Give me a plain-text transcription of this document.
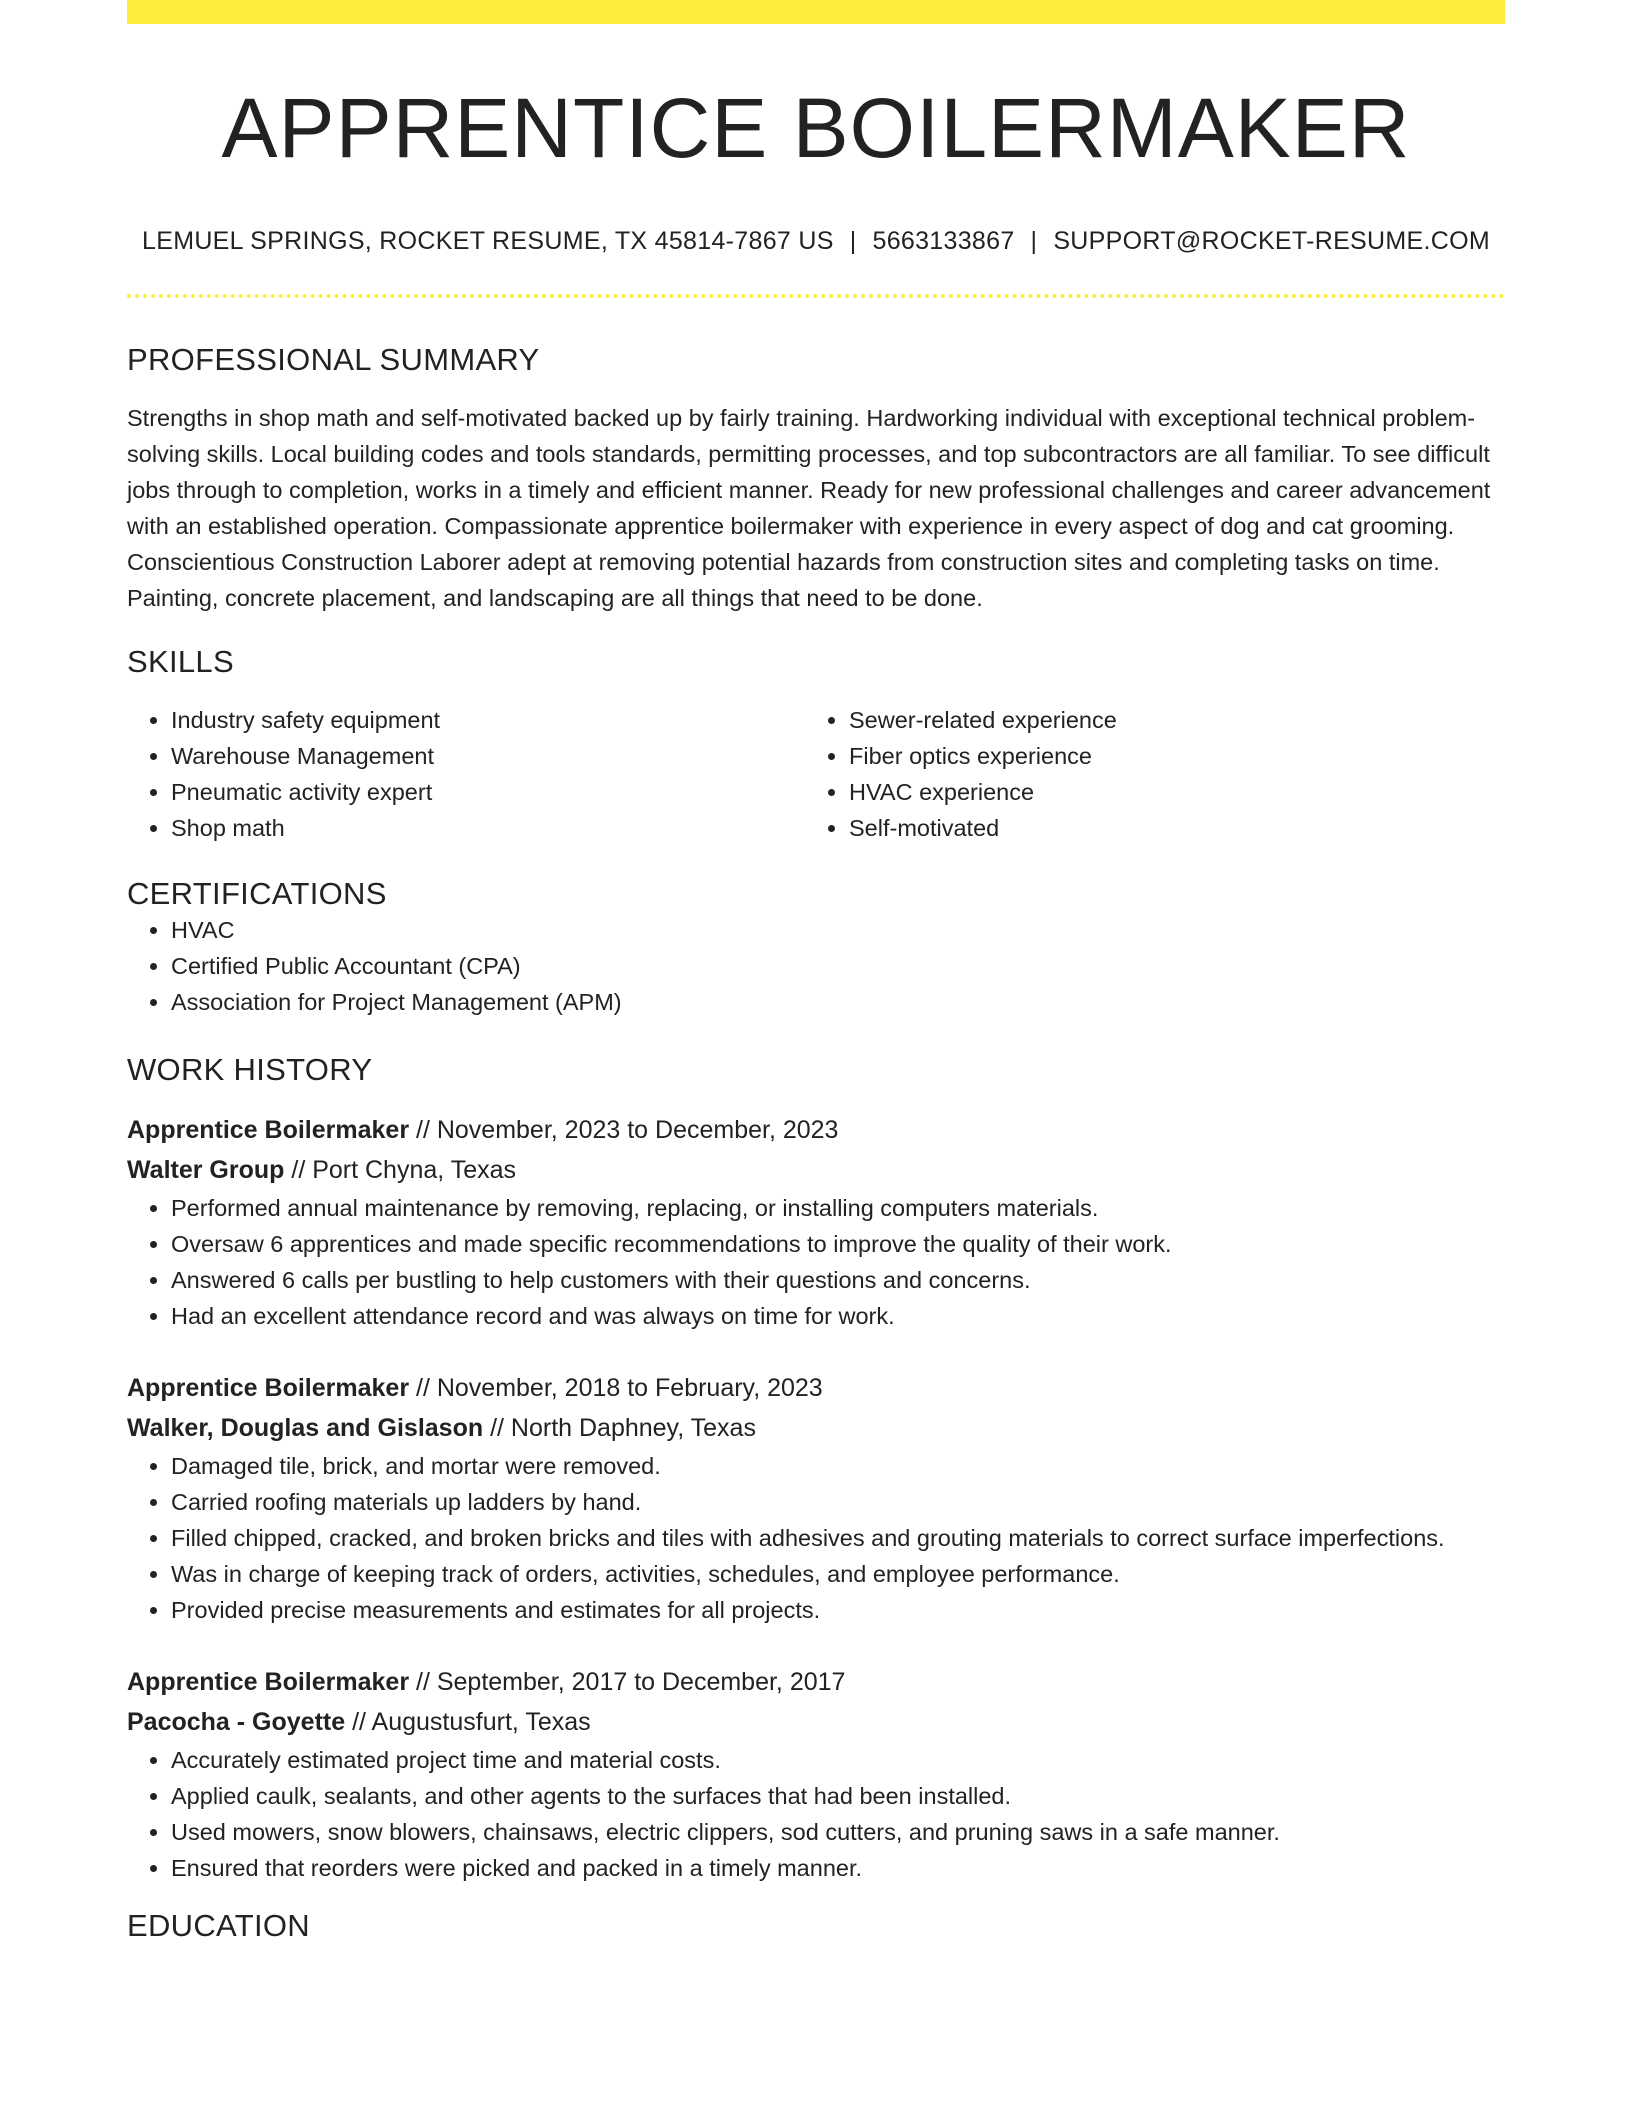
APPRENTICE BOILERMAKER
LEMUEL SPRINGS, ROCKET RESUME, TX 45814-7867 US | 5663133867 | SUPPORT@ROCKET-RESUME.COM
PROFESSIONAL SUMMARY
Strengths in shop math and self-motivated backed up by fairly training. Hardworking individual with exceptional technical problem-solving skills. Local building codes and tools standards, permitting processes, and top subcontractors are all familiar. To see difficult jobs through to completion, works in a timely and efficient manner. Ready for new professional challenges and career advancement with an established operation. Compassionate apprentice boilermaker with experience in every aspect of dog and cat grooming. Conscientious Construction Laborer adept at removing potential hazards from construction sites and completing tasks on time. Painting, concrete placement, and landscaping are all things that need to be done.
SKILLS
• Industry safety equipment
• Warehouse Management
• Pneumatic activity expert
• Shop math
• Sewer-related experience
• Fiber optics experience
• HVAC experience
• Self-motivated
CERTIFICATIONS
• HVAC
• Certified Public Accountant (CPA)
• Association for Project Management (APM)
WORK HISTORY
Apprentice Boilermaker // November, 2023 to December, 2023
Walter Group // Port Chyna, Texas
• Performed annual maintenance by removing, replacing, or installing computers materials.
• Oversaw 6 apprentices and made specific recommendations to improve the quality of their work.
• Answered 6 calls per bustling to help customers with their questions and concerns.
• Had an excellent attendance record and was always on time for work.
Apprentice Boilermaker // November, 2018 to February, 2023
Walker, Douglas and Gislason // North Daphney, Texas
• Damaged tile, brick, and mortar were removed.
• Carried roofing materials up ladders by hand.
• Filled chipped, cracked, and broken bricks and tiles with adhesives and grouting materials to correct surface imperfections.
• Was in charge of keeping track of orders, activities, schedules, and employee performance.
• Provided precise measurements and estimates for all projects.
Apprentice Boilermaker // September, 2017 to December, 2017
Pacocha - Goyette // Augustusfurt, Texas
• Accurately estimated project time and material costs.
• Applied caulk, sealants, and other agents to the surfaces that had been installed.
• Used mowers, snow blowers, chainsaws, electric clippers, sod cutters, and pruning saws in a safe manner.
• Ensured that reorders were picked and packed in a timely manner.
EDUCATION
